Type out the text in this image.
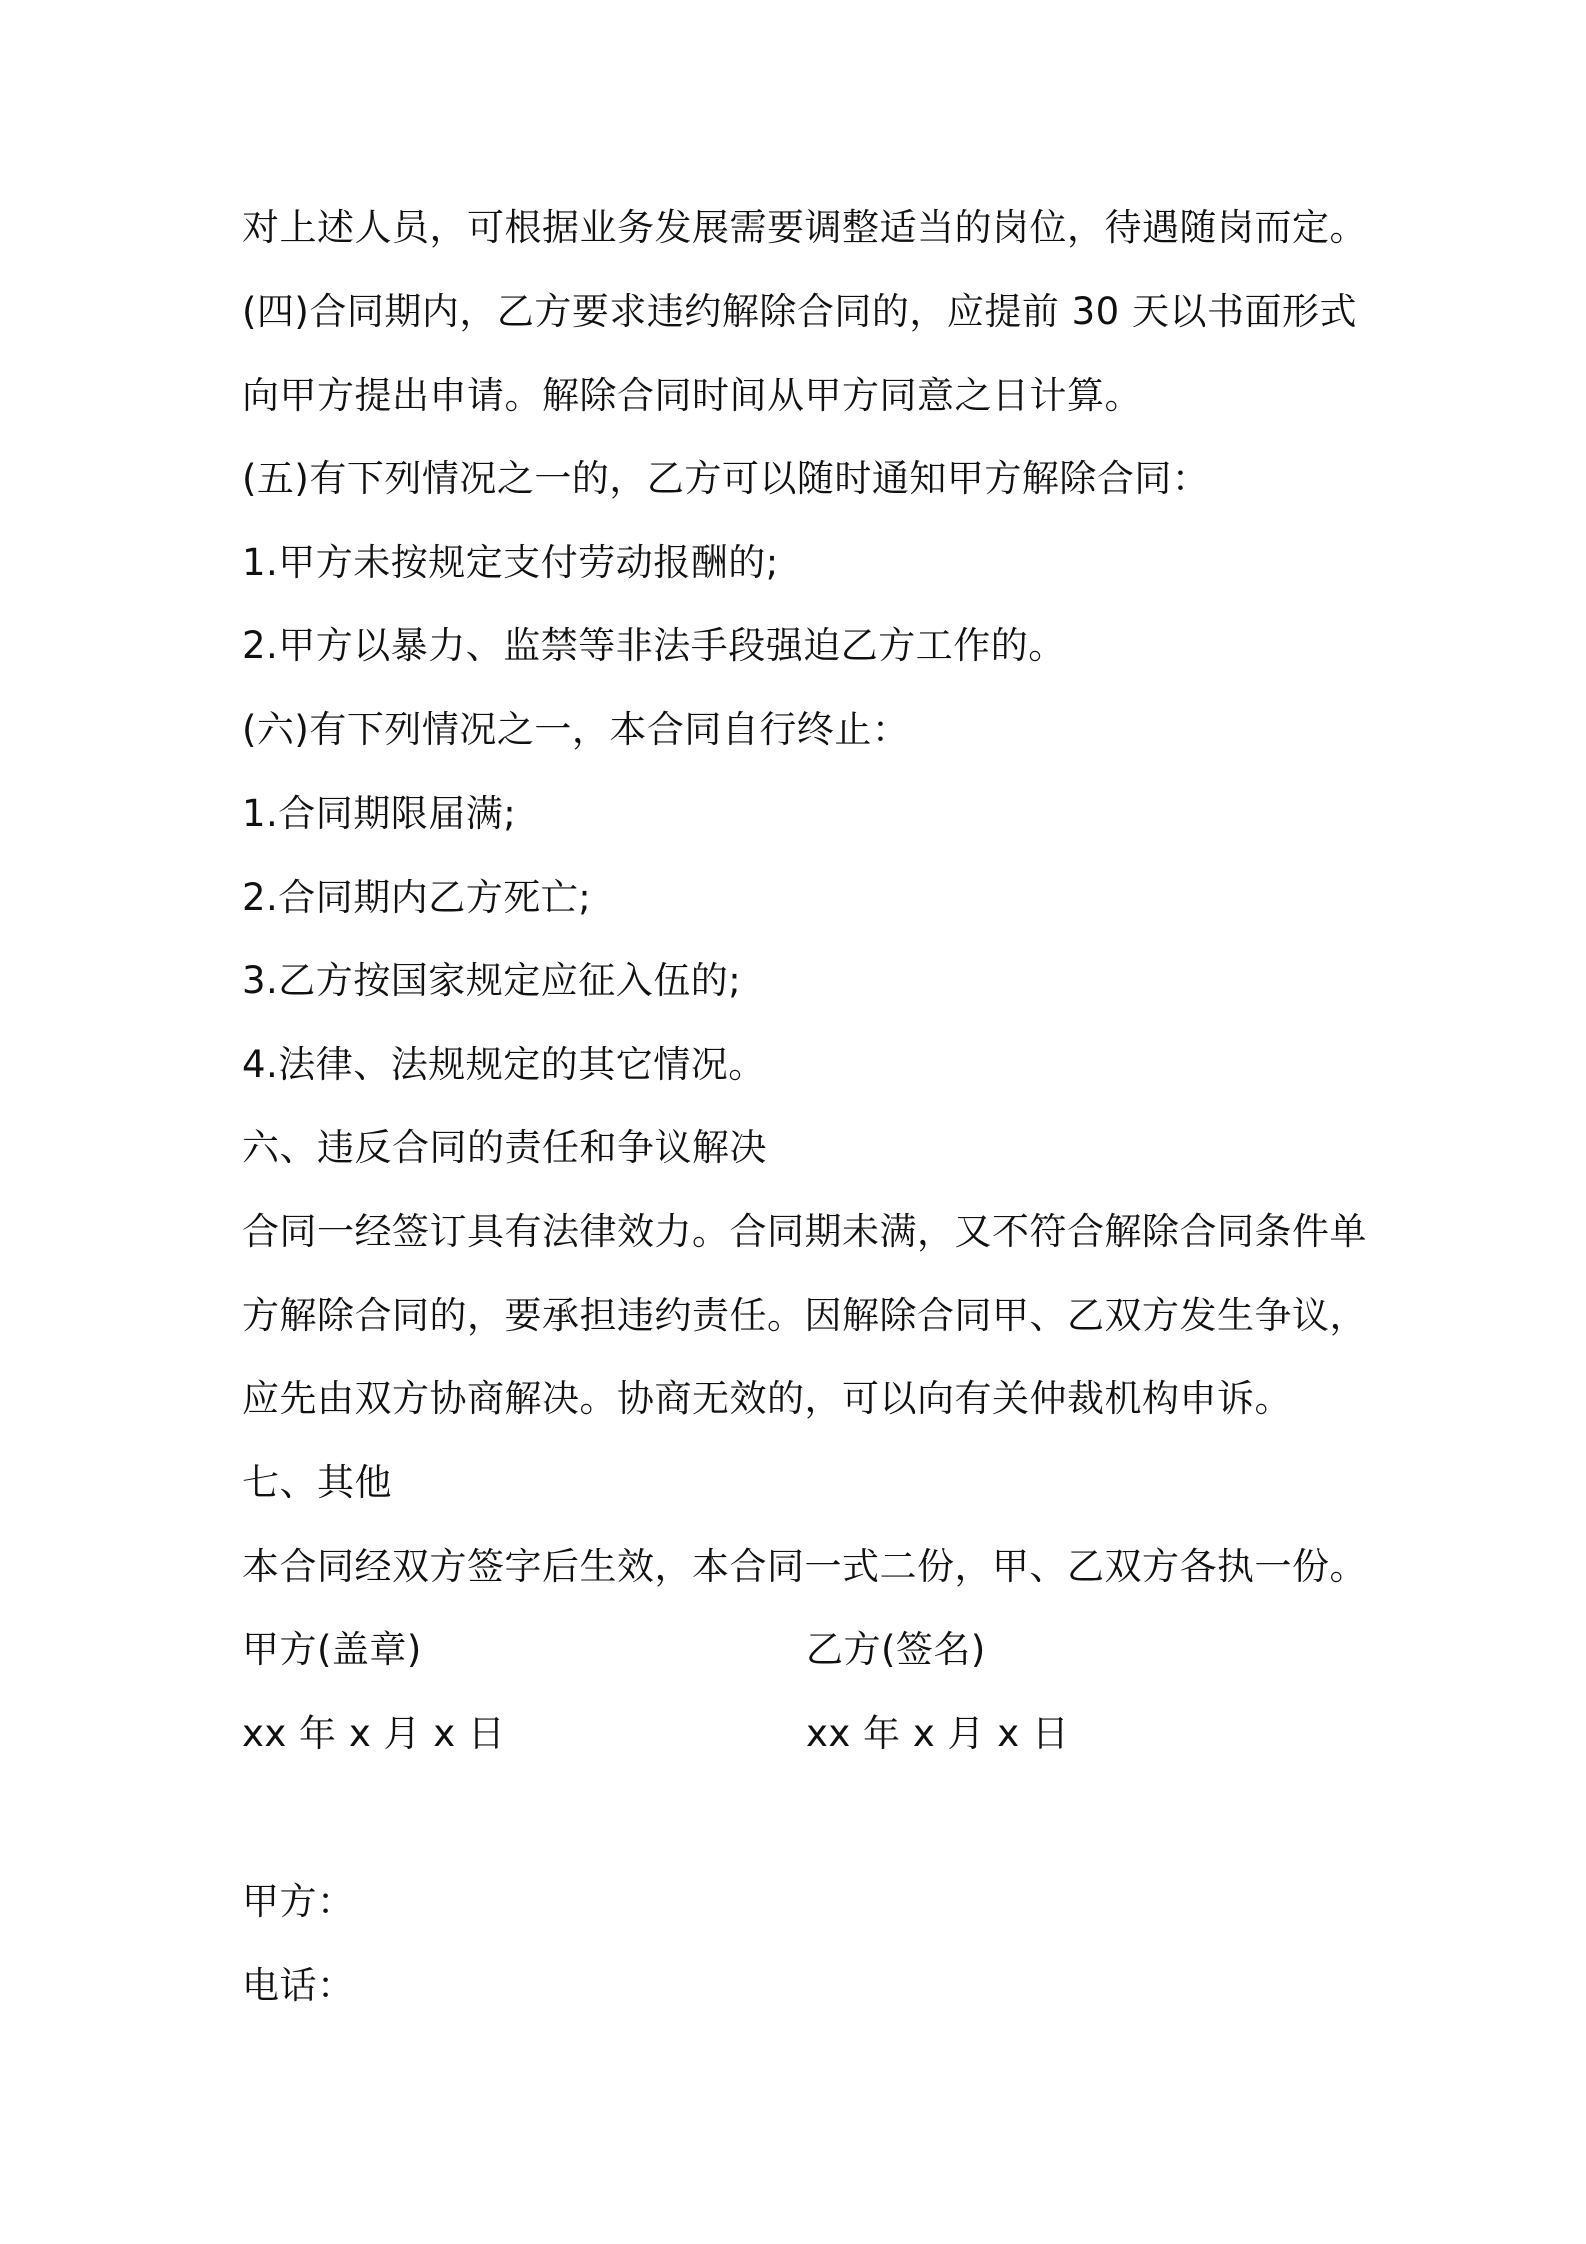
对上述人员，可根据业务发展需要调整适当的岗位，待遇随岗而定。
(四)合同期内，乙方要求违约解除合同的，应提前 30 天以书面形式
向甲方提出申请。解除合同时间从甲方同意之日计算。
(五)有下列情况之一的，乙方可以随时通知甲方解除合同：
1.甲方未按规定支付劳动报酬的;
2.甲方以暴力、监禁等非法手段强迫乙方工作的。
(六)有下列情况之一，本合同自行终止：
1.合同期限届满;
2.合同期内乙方死亡;
3.乙方按国家规定应征入伍的;
4.法律、法规规定的其它情况。
六、违反合同的责任和争议解决
合同一经签订具有法律效力。合同期未满，又不符合解除合同条件单
方解除合同的，要承担违约责任。因解除合同甲、乙双方发生争议，
应先由双方协商解决。协商无效的，可以向有关仲裁机构申诉。
七、其他
本合同经双方签字后生效，本合同一式二份，甲、乙双方各执一份。
甲方(盖章)	乙方(签名)
xx 年 x 月 x 日	xx 年 x 月 x 日
甲方：
电话：
